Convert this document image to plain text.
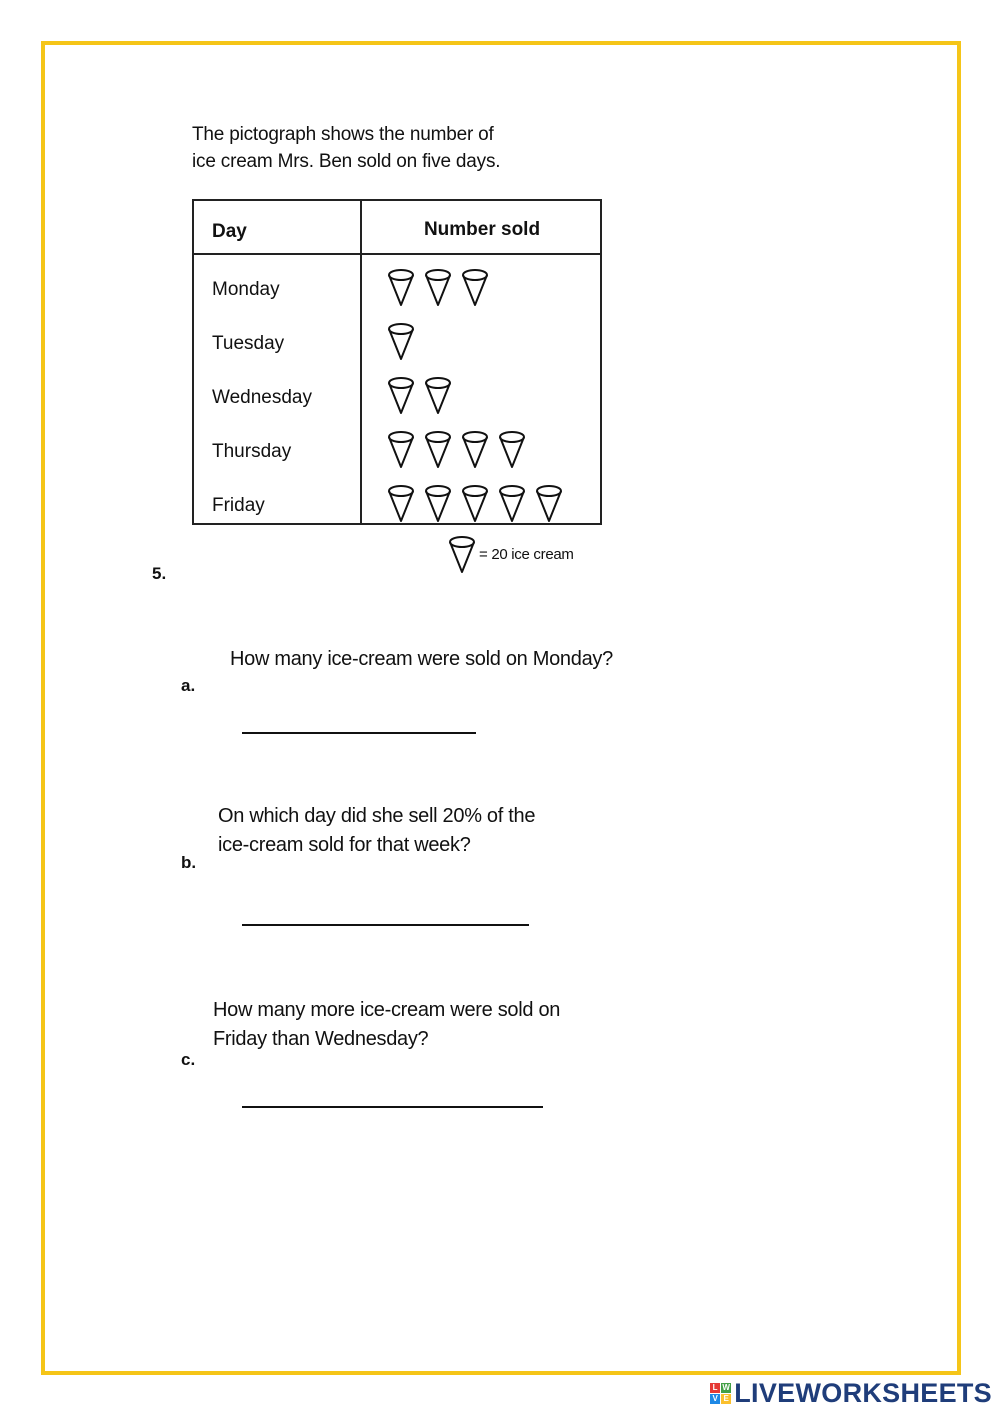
The pictograph shows the number of
ice cream Mrs. Ben sold on five days.
Day	Number sold
Monday
Tuesday
Wednesday
Thursday
Friday
= 20 ice cream
5.
How many ice-cream were sold on Monday?
a.
On which day did she sell 20% of the
ice-cream sold for that week?
b.
How many more ice-cream were sold on
Friday than Wednesday?
c.
L W
V E LIVEWORKSHEETS
